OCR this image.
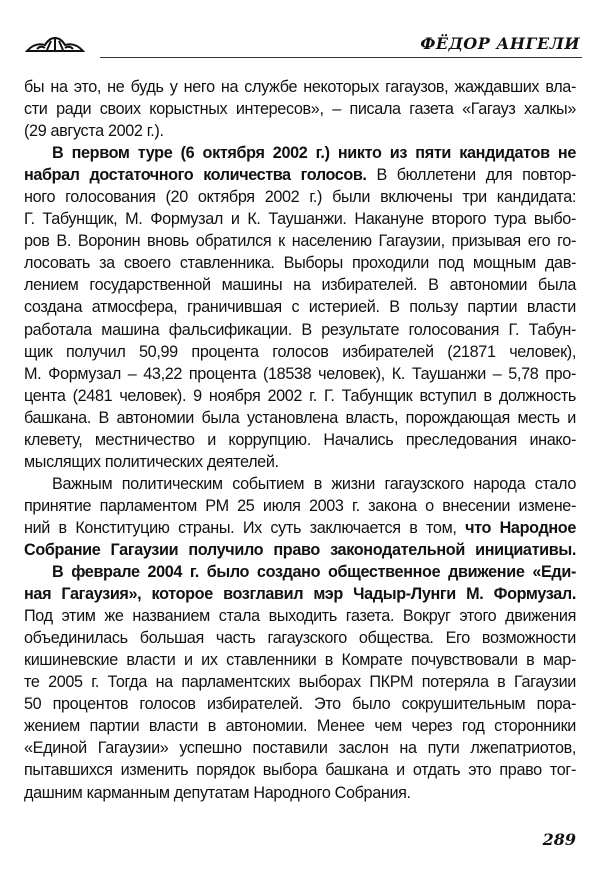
ФЁДОР АНГЕЛИ
бы на это, не будь у него на службе некоторых гагаузов, жаждавших вла-
сти ради своих корыстных интересов», – писала газета «Гагауз халкы»
(29 августа 2002 г.).
В первом туре (6 октября 2002 г.) никто из пяти кандидатов не
набрал достаточного количества голосов. В бюллетени для повтор-
ного голосования (20 октября 2002 г.) были включены три кандидата:
Г. Табунщик, М. Формузал и К. Таушанжи. Накануне второго тура выбо-
ров В. Воронин вновь обратился к населению Гагаузии, призывая его го-
лосовать за своего ставленника. Выборы проходили под мощным дав-
лением государственной машины на избирателей. В автономии была
создана атмосфера, граничившая с истерией. В пользу партии власти
работала машина фальсификации. В результате голосования Г. Табун-
щик получил 50,99 процента голосов избирателей (21871 человек),
М. Формузал – 43,22 процента (18538 человек), К. Таушанжи – 5,78 про-
цента (2481 человек). 9 ноября 2002 г. Г. Табунщик вступил в должность
башкана. В автономии была установлена власть, порождающая месть и
клевету, местничество и коррупцию. Начались преследования инако-
мыслящих политических деятелей.
Важным политическим событием в жизни гагаузского народа стало
принятие парламентом РМ 25 июля 2003 г. закона о внесении измене-
ний в Конституцию страны. Их суть заключается в том, что Народное
Собрание Гагаузии получило право законодательной инициативы.
В феврале 2004 г. было создано общественное движение «Еди-
ная Гагаузия», которое возглавил мэр Чадыр-Лунги М. Формузал.
Под этим же названием стала выходить газета. Вокруг этого движения
объединилась большая часть гагаузского общества. Его возможности
кишиневские власти и их ставленники в Комрате почувствовали в мар-
те 2005 г. Тогда на парламентских выборах ПКРМ потеряла в Гагаузии
50 процентов голосов избирателей. Это было сокрушительным пора-
жением партии власти в автономии. Менее чем через год сторонники
«Единой Гагаузии» успешно поставили заслон на пути лжепатриотов,
пытавшихся изменить порядок выбора башкана и отдать это право тог-
дашним карманным депутатам Народного Собрания.
289
